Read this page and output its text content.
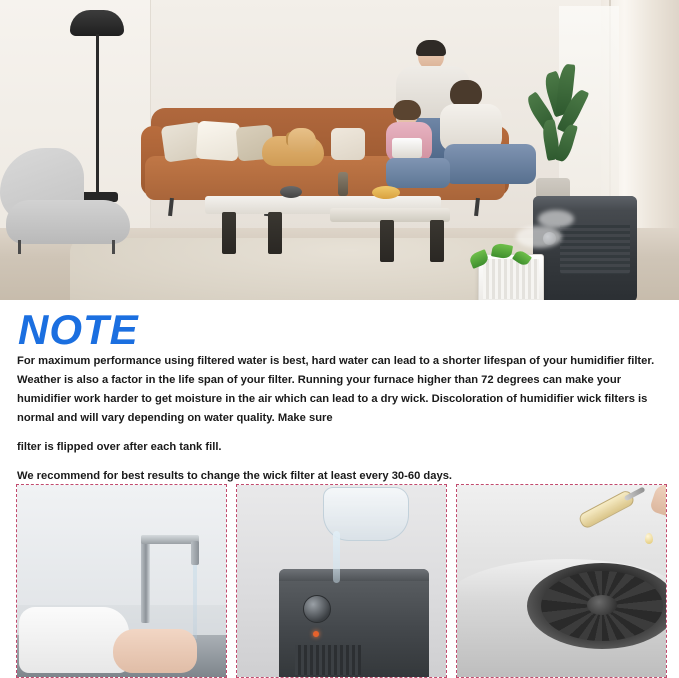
NOTE

For maximum performance using filtered water is best, hard water can lead to a shorter lifespan of your humidifier filter. Weather is also a factor in the life span of your filter. Running your furnace higher than 72 degrees can make your humidifier work harder to get moisture in the air which can lead to a dry wick. Discoloration of humidifier wick filters is normal and will vary depending on water quality. Make sure

filter is flipped over after each tank fill.

We recommend for best results to change the wick filter at least every 30-60 days.
